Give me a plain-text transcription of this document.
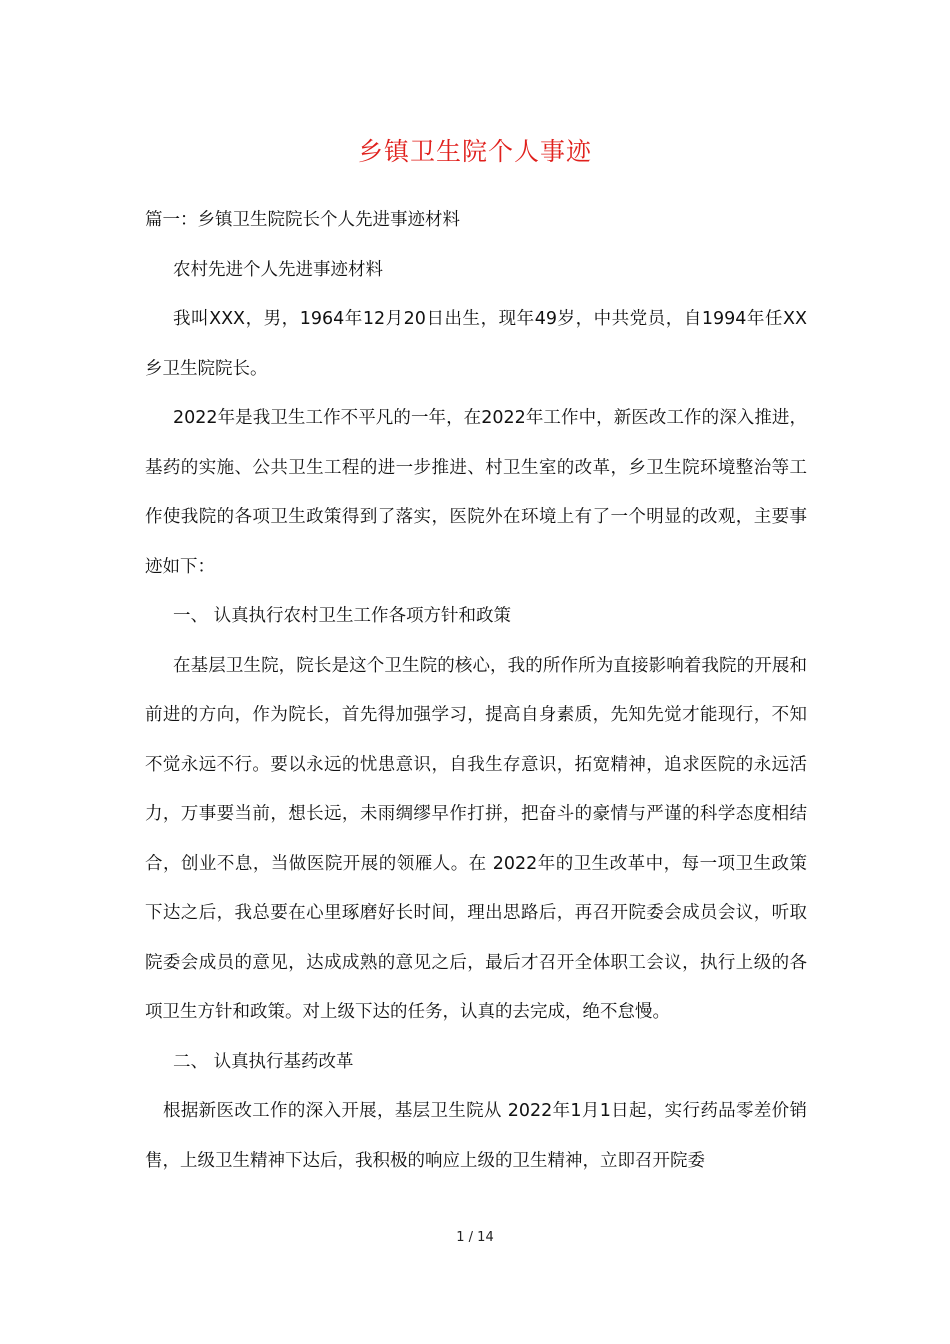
乡镇卫生院个人事迹

篇一：乡镇卫生院院长个人先进事迹材料

农村先进个人先进事迹材料

我叫XXX，男，1964年12月20日出生，现年49岁，中共党员，自1994年任XX乡卫生院院长。

2022年是我卫生工作不平凡的一年，在2022年工作中，新医改工作的深入推进，基药的实施、公共卫生工程的进一步推进、村卫生室的改革，乡卫生院环境整治等工作使我院的各项卫生政策得到了落实，医院外在环境上有了一个明显的改观，主要事迹如下：

一、 认真执行农村卫生工作各项方针和政策

在基层卫生院，院长是这个卫生院的核心，我的所作所为直接影响着我院的开展和前进的方向，作为院长，首先得加强学习，提高自身素质，先知先觉才能现行，不知不觉永远不行。要以永远的忧患意识，自我生存意识，拓宽精神，追求医院的永远活力，万事要当前，想长远，未雨绸缪早作打拼，把奋斗的豪情与严谨的科学态度相结合，创业不息，当做医院开展的领雁人。在 2022年的卫生改革中，每一项卫生政策下达之后，我总要在心里琢磨好长时间，理出思路后，再召开院委会成员会议，听取院委会成员的意见，达成成熟的意见之后，最后才召开全体职工会议，执行上级的各项卫生方针和政策。对上级下达的任务，认真的去完成，绝不怠慢。

二、 认真执行基药改革

根据新医改工作的深入开展，基层卫生院从 2022年1月1日起，实行药品零差价销售，上级卫生精神下达后，我积极的响应上级的卫生精神，立即召开院委

1 / 14
